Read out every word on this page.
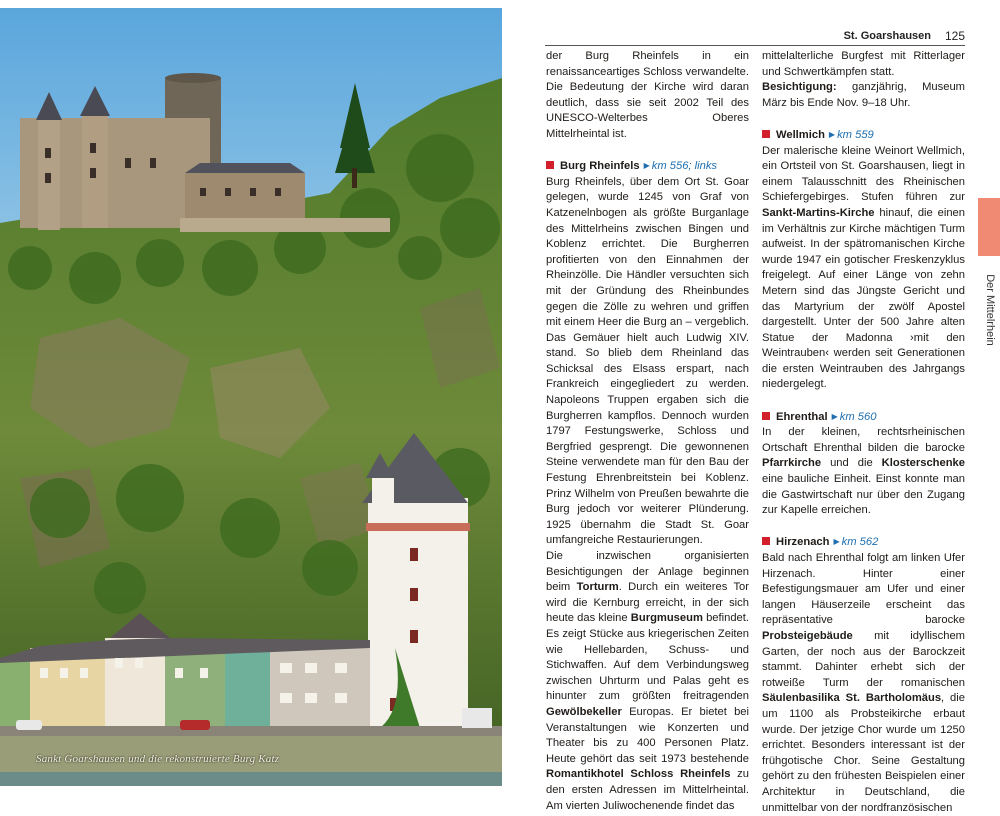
Sankt Goarshausen und die rekonstruierte Burg Katz
St. Goarshausen 125
Der Mittelrhein

der Burg Rheinfels in ein renaissanceartiges Schloss verwandelte. Die Bedeutung der Kirche wird daran deutlich, dass sie seit 2002 Teil des UNESCO-Welterbes Oberes Mittelrheintal ist.

Burg Rheinfels ▶ km 556; links

Burg Rheinfels, über dem Ort St. Goar gelegen, wurde 1245 von Graf von Katzenelnbogen als größte Burganlage des Mittelrheins zwischen Bingen und Koblenz errichtet. Die Burgherren profitierten von den Einnahmen der Rheinzölle. Die Händler versuchten sich mit der Gründung des Rheinbundes gegen die Zölle zu wehren und griffen mit einem Heer die Burg an – vergeblich. Das Gemäuer hielt auch Ludwig XIV. stand. So blieb dem Rheinland das Schicksal des Elsass erspart, nach Frankreich eingegliedert zu werden. Napoleons Truppen ergaben sich die Burgherren kampflos. Dennoch wurden 1797 Festungswerke, Schloss und Bergfried gesprengt. Die gewonnenen Steine verwendete man für den Bau der Festung Ehrenbreitstein bei Koblenz. Prinz Wilhelm von Preußen bewahrte die Burg jedoch vor weiterer Plünderung. 1925 übernahm die Stadt St. Goar umfangreiche Restaurierungen.

Die inzwischen organisierten Besichtigungen der Anlage beginnen beim Torturm. Durch ein weiteres Tor wird die Kernburg erreicht, in der sich heute das kleine Burgmuseum befindet. Es zeigt Stücke aus kriegerischen Zeiten wie Hellebarden, Schuss- und Stichwaffen. Auf dem Verbindungsweg zwischen Uhrturm und Palas geht es hinunter zum größten freitragenden Gewölbekeller Europas. Er bietet bei Veranstaltungen wie Konzerten und Theater bis zu 400 Personen Platz. Heute gehört das seit 1973 bestehende Romantikhotel Schloss Rheinfels zu den ersten Adressen im Mittelrheintal. Am vierten Juliwochenende findet das

mittelalterliche Burgfest mit Ritterlager und Schwertkämpfen statt.

Besichtigung: ganzjährig, Museum März bis Ende Nov. 9–18 Uhr.

Wellmich ▶ km 559

Der malerische kleine Weinort Wellmich, ein Ortsteil von St. Goarshausen, liegt in einem Talausschnitt des Rheinischen Schiefergebirges. Stufen führen zur Sankt-Martins-Kirche hinauf, die einen im Verhältnis zur Kirche mächtigen Turm aufweist. In der spätromanischen Kirche wurde 1947 ein gotischer Freskenzyklus freigelegt. Auf einer Länge von zehn Metern sind das Jüngste Gericht und das Martyrium der zwölf Apostel dargestellt. Unter der 500 Jahre alten Statue der Madonna ›mit den Weintrauben‹ werden seit Generationen die ersten Weintrauben des Jahrgangs niedergelegt.

Ehrenthal ▶ km 560

In der kleinen, rechtsrheinischen Ortschaft Ehrenthal bilden die barocke Pfarrkirche und die Klosterschenke eine bauliche Einheit. Einst konnte man die Gastwirtschaft nur über den Zugang zur Kapelle erreichen.

Hirzenach ▶ km 562

Bald nach Ehrenthal folgt am linken Ufer Hirzenach. Hinter einer Befestigungsmauer am Ufer und einer langen Häuserzeile erscheint das repräsentative barocke Probsteigebäude mit idyllischem Garten, der noch aus der Barockzeit stammt. Dahinter erhebt sich der rotweiße Turm der romanischen Säulenbasilika St. Bartholomäus, die um 1100 als Probsteikirche erbaut wurde. Der jetzige Chor wurde um 1250 errichtet. Besonders interessant ist der frühgotische Chor. Seine Gestaltung gehört zu den frühesten Beispielen einer Architektur in Deutschland, die unmittelbar von der nordfranzösischen
